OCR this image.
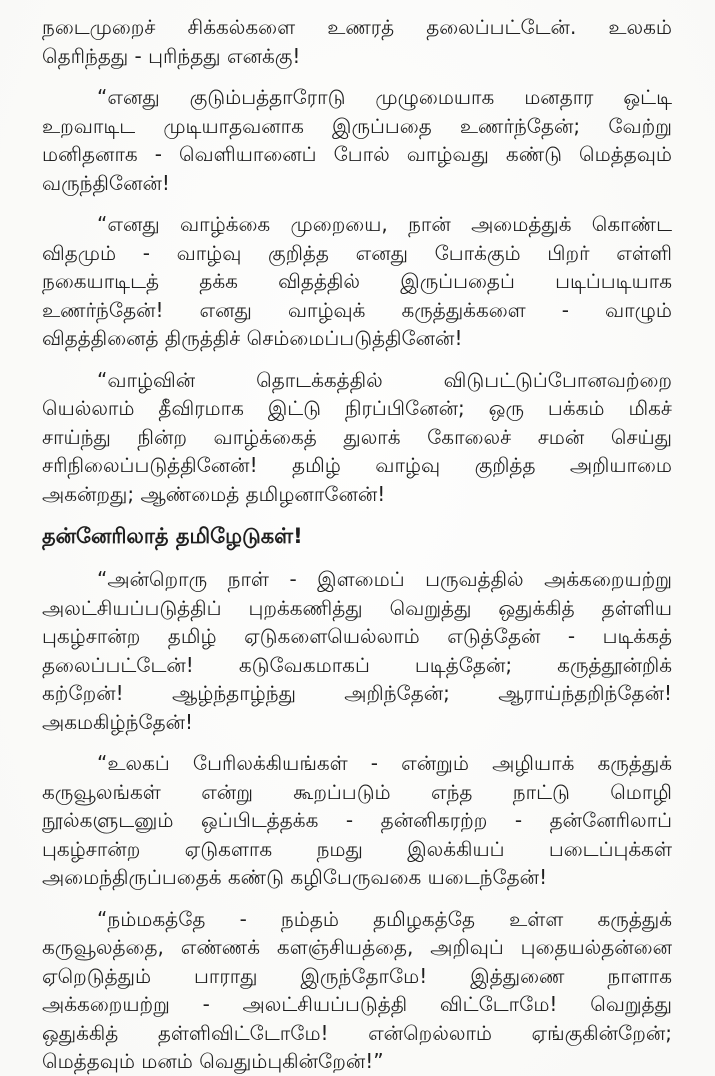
நடைமுறைச் சிக்கல்களை உணரத் தலைப்பட்டேன். உலகம்
தெரிந்தது - புரிந்தது எனக்கு!
“எனது குடும்பத்தாரோடு முழுமையாக மனதார ஒட்டி
உறவாடிட முடியாதவனாக இருப்பதை உணர்ந்தேன்; வேற்று
மனிதனாக - வெளியானைப் போல் வாழ்வது கண்டு மெத்தவும்
வருந்தினேன்!
“எனது வாழ்க்கை முறையை, நான் அமைத்துக் கொண்ட
விதமும் - வாழ்வு குறித்த எனது போக்கும் பிறர் எள்ளி
நகையாடிடத் தக்க விதத்தில் இருப்பதைப் படிப்படியாக
உணர்ந்தேன்! எனது வாழ்வுக் கருத்துக்களை - வாழும்
விதத்தினைத் திருத்திச் செம்மைப்படுத்தினேன்!
“வாழ்வின் தொடக்கத்தில் விடுபட்டுப்போனவற்றை
யெல்லாம் தீவிரமாக இட்டு நிரப்பினேன்; ஒரு பக்கம் மிகச்
சாய்ந்து நின்ற வாழ்க்கைத் துலாக் கோலைச் சமன் செய்து
சரிநிலைப்படுத்தினேன்! தமிழ் வாழ்வு குறித்த அறியாமை
அகன்றது; ஆண்மைத் தமிழனானேன்!
தன்னேரிலாத் தமிழேடுகள்!
“அன்றொரு நாள் - இளமைப் பருவத்தில் அக்கறையற்று
அலட்சியப்படுத்திப் புறக்கணித்து வெறுத்து ஒதுக்கித் தள்ளிய
புகழ்சான்ற தமிழ் ஏடுகளையெல்லாம் எடுத்தேன் - படிக்கத்
தலைப்பட்டேன்! கடுவேகமாகப் படித்தேன்; கருத்தூன்றிக்
கற்றேன்! ஆழ்ந்தாழ்ந்து அறிந்தேன்; ஆராய்ந்தறிந்தேன்!
அகமகிழ்ந்தேன்!
“உலகப் பேரிலக்கியங்கள் - என்றும் அழியாக் கருத்துக்
கருவூலங்கள் என்று கூறப்படும் எந்த நாட்டு மொழி
நூல்களுடனும் ஒப்பிடத்தக்க - தன்னிகரற்ற - தன்னேரிலாப்
புகழ்சான்ற ஏடுகளாக நமது இலக்கியப் படைப்புக்கள்
அமைந்திருப்பதைக் கண்டு கழிபேருவகை யடைந்தேன்!
“நம்மகத்தே - நம்தம் தமிழகத்தே உள்ள கருத்துக்
கருவூலத்தை, எண்ணக் களஞ்சியத்தை, அறிவுப் புதையல்தன்னை
ஏறெடுத்தும் பாராது இருந்தோமே! இத்துணை நாளாக
அக்கறையற்று - அலட்சியப்படுத்தி விட்டோமே! வெறுத்து
ஒதுக்கித் தள்ளிவிட்டோமே! என்றெல்லாம் ஏங்குகின்றேன்;
மெத்தவும் மனம் வெதும்புகின்றேன்!”
